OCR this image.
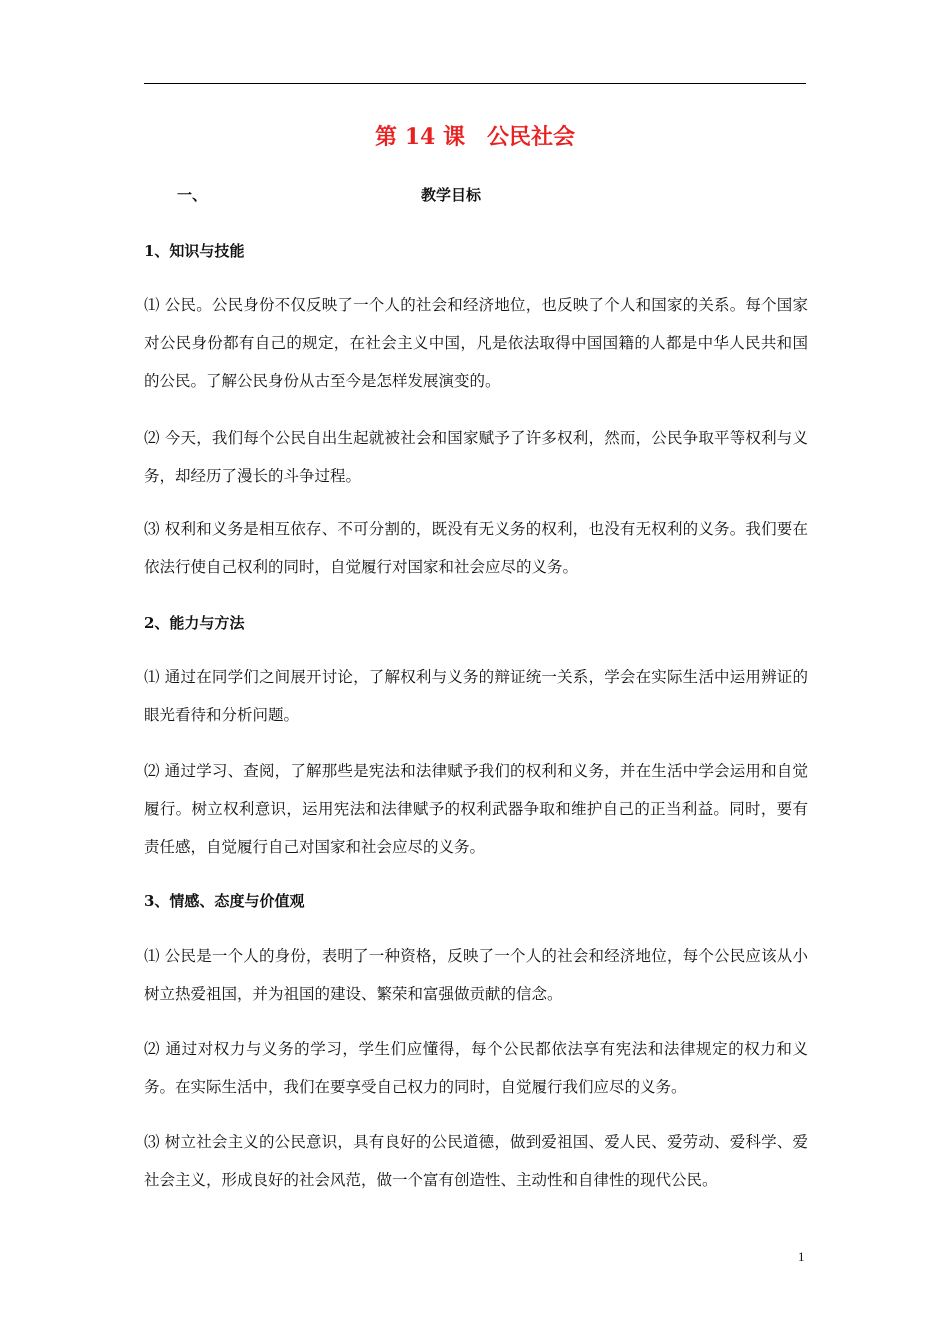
第 14 课　公民社会
一、	教学目标
1、知识与技能
⑴ 公民。公民身份不仅反映了一个人的社会和经济地位，也反映了个人和国家的关系。每个国家对公民身份都有自己的规定，在社会主义中国，凡是依法取得中国国籍的人都是中华人民共和国的公民。了解公民身份从古至今是怎样发展演变的。
⑵ 今天，我们每个公民自出生起就被社会和国家赋予了许多权利，然而，公民争取平等权利与义务，却经历了漫长的斗争过程。
⑶ 权利和义务是相互依存、不可分割的，既没有无义务的权利，也没有无权利的义务。我们要在依法行使自己权利的同时，自觉履行对国家和社会应尽的义务。
2、能力与方法
⑴ 通过在同学们之间展开讨论，了解权利与义务的辩证统一关系，学会在实际生活中运用辨证的眼光看待和分析问题。
⑵ 通过学习、查阅，了解那些是宪法和法律赋予我们的权利和义务，并在生活中学会运用和自觉履行。树立权利意识，运用宪法和法律赋予的权利武器争取和维护自己的正当利益。同时，要有责任感，自觉履行自己对国家和社会应尽的义务。
3、情感、态度与价值观
⑴ 公民是一个人的身份，表明了一种资格，反映了一个人的社会和经济地位，每个公民应该从小树立热爱祖国，并为祖国的建设、繁荣和富强做贡献的信念。
⑵ 通过对权力与义务的学习，学生们应懂得，每个公民都依法享有宪法和法律规定的权力和义务。在实际生活中，我们在要享受自己权力的同时，自觉履行我们应尽的义务。
⑶ 树立社会主义的公民意识，具有良好的公民道德，做到爱祖国、爱人民、爱劳动、爱科学、爱社会主义，形成良好的社会风范，做一个富有创造性、主动性和自律性的现代公民。
1
